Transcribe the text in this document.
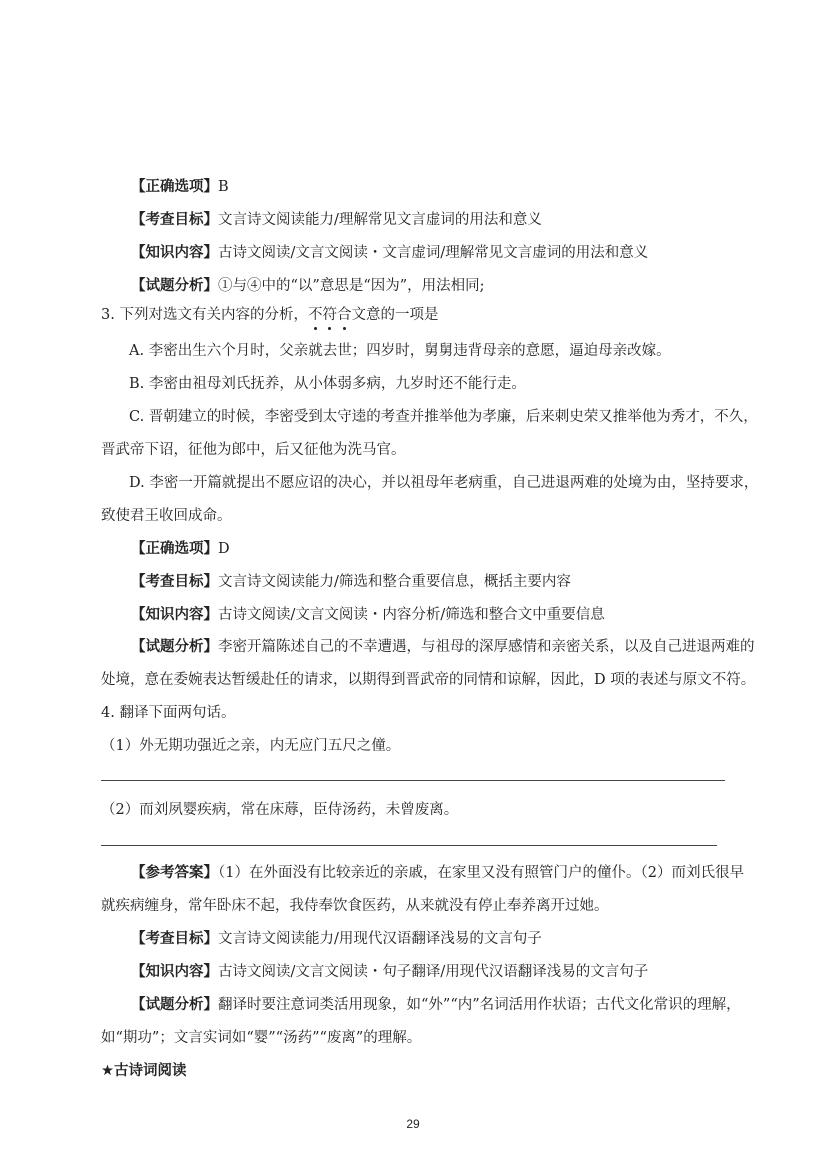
【正确选项】B
【考查目标】文言诗文阅读能力/理解常见文言虚词的用法和意义
【知识内容】古诗文阅读/文言文阅读・文言虚词/理解常见文言虚词的用法和意义
【试题分析】①与④中的“以”意思是“因为”，用法相同;
3. 下列对选文有关内容的分析，不符合文意的一项是
A. 李密出生六个月时，父亲就去世；四岁时，舅舅违背母亲的意愿，逼迫母亲改嫁。
B. 李密由祖母刘氏抚养，从小体弱多病，九岁时还不能行走。
C. 晋朝建立的时候，李密受到太守逵的考查并推举他为孝廉，后来刺史荣又推举他为秀才，不久，
晋武帝下诏，征他为郎中，后又征他为洗马官。
D. 李密一开篇就提出不愿应诏的决心，并以祖母年老病重，自己进退两难的处境为由，坚持要求，
致使君王收回成命。
【正确选项】D
【考查目标】文言诗文阅读能力/筛选和整合重要信息，概括主要内容
【知识内容】古诗文阅读/文言文阅读・内容分析/筛选和整合文中重要信息
【试题分析】李密开篇陈述自己的不幸遭遇，与祖母的深厚感情和亲密关系，以及自己进退两难的
处境，意在委婉表达暂缓赴任的请求，以期得到晋武帝的同情和谅解，因此，D 项的表述与原文不符。
4. 翻译下面两句话。
（1）外无期功强近之亲，内无应门五尺之僮。
（2）而刘夙婴疾病，常在床蓐，臣侍汤药，未曾废离。
【参考答案】（1）在外面没有比较亲近的亲戚，在家里又没有照管门户的僮仆。（2）而刘氏很早
就疾病缠身，常年卧床不起，我侍奉饮食医药，从来就没有停止奉养离开过她。
【考查目标】文言诗文阅读能力/用现代汉语翻译浅易的文言句子
【知识内容】古诗文阅读/文言文阅读・句子翻译/用现代汉语翻译浅易的文言句子
【试题分析】翻译时要注意词类活用现象，如“外”“内”名词活用作状语；古代文化常识的理解，
如“期功”；文言实词如“婴”“汤药”“废离”的理解。
★古诗词阅读
29
